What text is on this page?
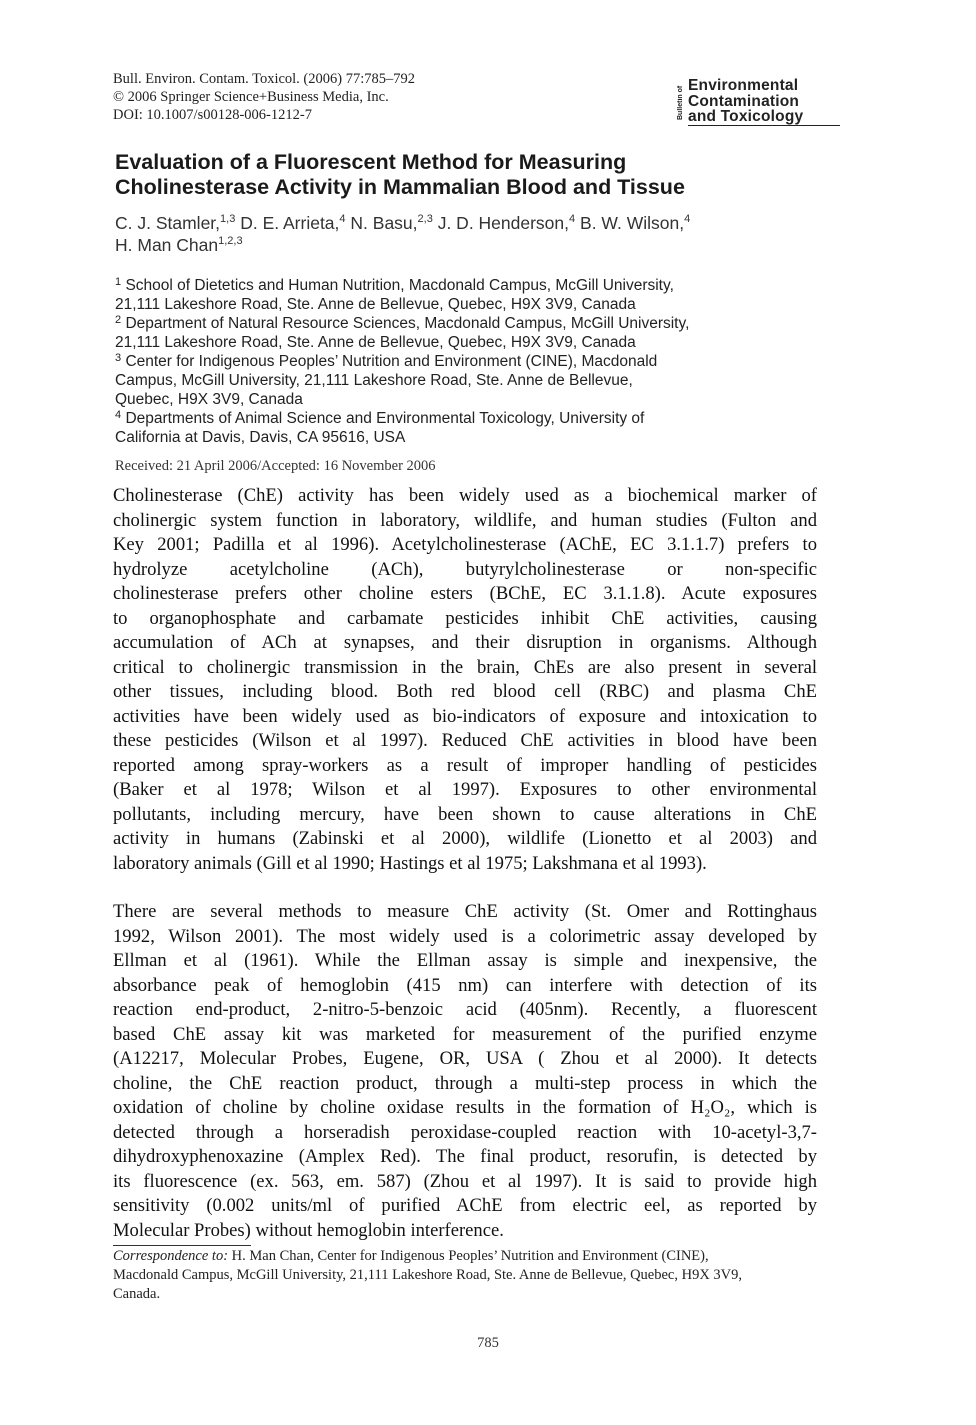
Bull. Environ. Contam. Toxicol. (2006) 77:785–792
© 2006 Springer Science+Business Media, Inc.
DOI: 10.1007/s00128-006-1212-7	Bulletin of
Environmental
Contamination
and Toxicology
Evaluation of a Fluorescent Method for Measuring
Cholinesterase Activity in Mammalian Blood and Tissue
C. J. Stamler,$^{1,3}$ D. E. Arrieta,$^4$ N. Basu,$^{2,3}$ J. D. Henderson,$^4$ B. W. Wilson,$^4$
H. Man Chan$^{1,2,3}$
$^1$ School of Dietetics and Human Nutrition, Macdonald Campus, McGill University,
21,111 Lakeshore Road, Ste. Anne de Bellevue, Quebec, H9X 3V9, Canada
$^2$ Department of Natural Resource Sciences, Macdonald Campus, McGill University,
21,111 Lakeshore Road, Ste. Anne de Bellevue, Quebec, H9X 3V9, Canada
$^3$ Center for Indigenous Peoples’ Nutrition and Environment (CINE), Macdonald
Campus, McGill University, 21,111 Lakeshore Road, Ste. Anne de Bellevue,
Quebec, H9X 3V9, Canada
$^4$ Departments of Animal Science and Environmental Toxicology, University of
California at Davis, Davis, CA 95616, USA
Received: 21 April 2006/Accepted: 16 November 2006
Cholinesterase (ChE) activity has been widely used as a biochemical marker of
cholinergic system function in laboratory, wildlife, and human studies (Fulton and
Key 2001; Padilla et al 1996). Acetylcholinesterase (AChE, EC 3.1.1.7) prefers to
hydrolyze acetylcholine (ACh), butyrylcholinesterase or non-specific
cholinesterase prefers other choline esters (BChE, EC 3.1.1.8). Acute exposures
to organophosphate and carbamate pesticides inhibit ChE activities, causing
accumulation of ACh at synapses, and their disruption in organisms. Although
critical to cholinergic transmission in the brain, ChEs are also present in several
other tissues, including blood. Both red blood cell (RBC) and plasma ChE
activities have been widely used as bio-indicators of exposure and intoxication to
these pesticides (Wilson et al 1997). Reduced ChE activities in blood have been
reported among spray-workers as a result of improper handling of pesticides
(Baker et al 1978; Wilson et al 1997). Exposures to other environmental
pollutants, including mercury, have been shown to cause alterations in ChE
activity in humans (Zabinski et al 2000), wildlife (Lionetto et al 2003) and
laboratory animals (Gill et al 1990; Hastings et al 1975; Lakshmana et al 1993).
There are several methods to measure ChE activity (St. Omer and Rottinghaus
1992, Wilson 2001). The most widely used is a colorimetric assay developed by
Ellman et al (1961). While the Ellman assay is simple and inexpensive, the
absorbance peak of hemoglobin (415 nm) can interfere with detection of its
reaction end-product, 2-nitro-5-benzoic acid (405nm). Recently, a fluorescent
based ChE assay kit was marketed for measurement of the purified enzyme
(A12217, Molecular Probes, Eugene, OR, USA ( Zhou et al 2000). It detects
choline, the ChE reaction product, through a multi-step process in which the
oxidation of choline by choline oxidase results in the formation of H₂O₂, which is
detected through a horseradish peroxidase-coupled reaction with 10-acetyl-3,7-
dihydroxyphenoxazine (Amplex Red). The final product, resorufin, is detected by
its fluorescence (ex. 563, em. 587) (Zhou et al 1997). It is said to provide high
sensitivity (0.002 units/ml of purified AChE from electric eel, as reported by
Molecular Probes) without hemoglobin interference.
Correspondence to: H. Man Chan, Center for Indigenous Peoples’ Nutrition and Environment (CINE),
Macdonald Campus, McGill University, 21,111 Lakeshore Road, Ste. Anne de Bellevue, Quebec, H9X 3V9,
Canada.
785
